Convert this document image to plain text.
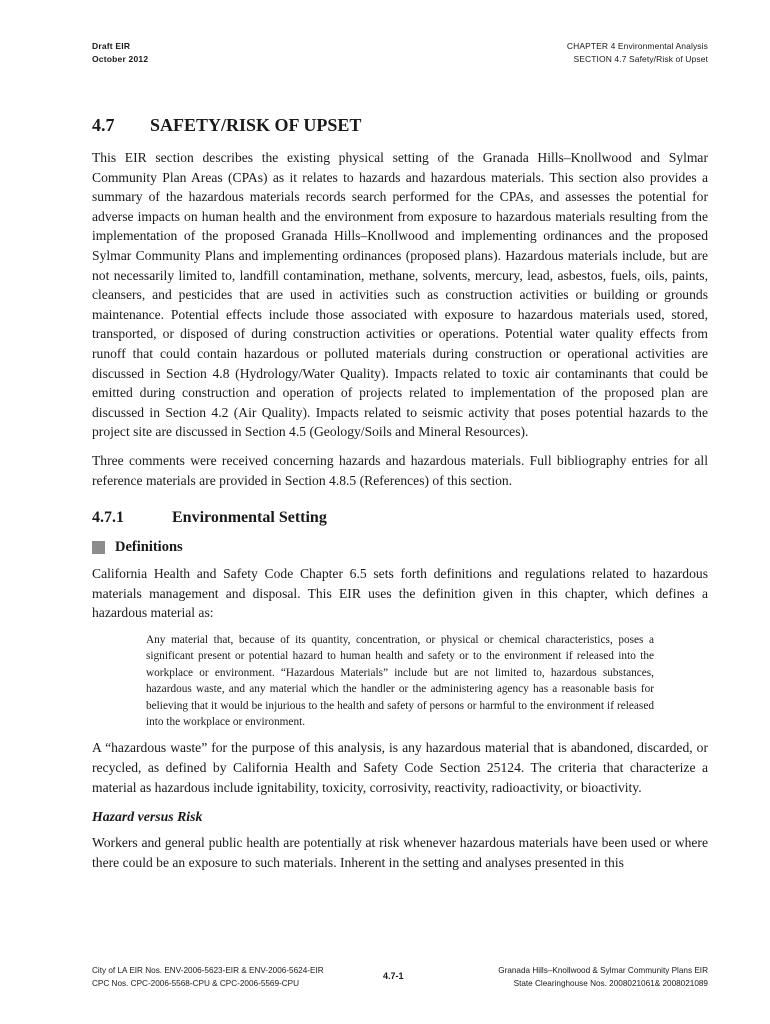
Draft EIR
October 2012
CHAPTER 4 Environmental Analysis
SECTION 4.7 Safety/Risk of Upset
4.7 SAFETY/RISK OF UPSET

This EIR section describes the existing physical setting of the Granada Hills–Knollwood and Sylmar Community Plan Areas (CPAs) as it relates to hazards and hazardous materials. This section also provides a summary of the hazardous materials records search performed for the CPAs, and assesses the potential for adverse impacts on human health and the environment from exposure to hazardous materials resulting from the implementation of the proposed Granada Hills–Knollwood and implementing ordinances and the proposed Sylmar Community Plans and implementing ordinances (proposed plans). Hazardous materials include, but are not necessarily limited to, landfill contamination, methane, solvents, mercury, lead, asbestos, fuels, oils, paints, cleansers, and pesticides that are used in activities such as construction activities or building or grounds maintenance. Potential effects include those associated with exposure to hazardous materials used, stored, transported, or disposed of during construction activities or operations. Potential water quality effects from runoff that could contain hazardous or polluted materials during construction or operational activities are discussed in Section 4.8 (Hydrology/Water Quality). Impacts related to toxic air contaminants that could be emitted during construction and operation of projects related to implementation of the proposed plan are discussed in Section 4.2 (Air Quality). Impacts related to seismic activity that poses potential hazards to the project site are discussed in Section 4.5 (Geology/Soils and Mineral Resources).

Three comments were received concerning hazards and hazardous materials. Full bibliography entries for all reference materials are provided in Section 4.8.5 (References) of this section.

4.7.1	Environmental Setting
Definitions

California Health and Safety Code Chapter 6.5 sets forth definitions and regulations related to hazardous materials management and disposal. This EIR uses the definition given in this chapter, which defines a hazardous material as:

Any material that, because of its quantity, concentration, or physical or chemical characteristics, poses a significant present or potential hazard to human health and safety or to the environment if released into the workplace or environment. “Hazardous Materials” include but are not limited to, hazardous substances, hazardous waste, and any material which the handler or the administering agency has a reasonable basis for believing that it would be injurious to the health and safety of persons or harmful to the environment if released into the workplace or environment.

A “hazardous waste” for the purpose of this analysis, is any hazardous material that is abandoned, discarded, or recycled, as defined by California Health and Safety Code Section 25124. The criteria that characterize a material as hazardous include ignitability, toxicity, corrosivity, reactivity, radioactivity, or bioactivity.

Hazard versus Risk

Workers and general public health are potentially at risk whenever hazardous materials have been used or where there could be an exposure to such materials. Inherent in the setting and analyses presented in this

City of LA EIR Nos. ENV-2006-5623-EIR & ENV-2006-5624-EIR
CPC Nos. CPC-2006-5568-CPU & CPC-2006-5569-CPU
4.7-1
Granada Hills–Knollwood & Sylmar Community Plans EIR
State Clearinghouse Nos. 2008021061& 2008021089
